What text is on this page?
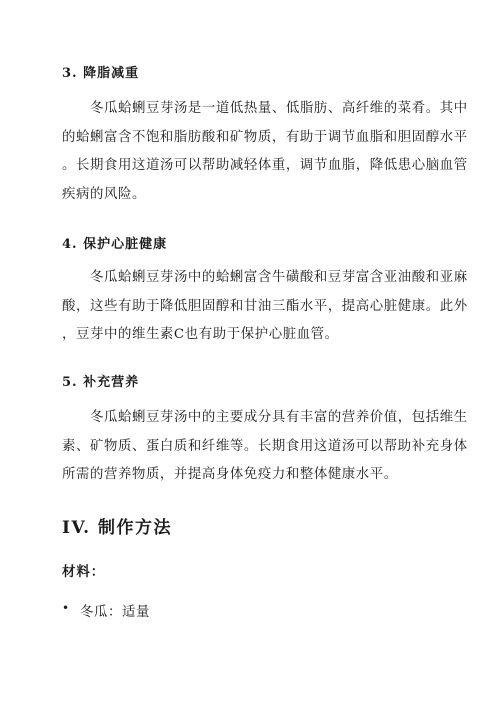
3. 降脂减重
冬瓜蛤蜊豆芽汤是一道低热量、低脂肪、高纤维的菜肴。其中
的蛤蜊富含不饱和脂肪酸和矿物质，有助于调节血脂和胆固醇水平
。长期食用这道汤可以帮助减轻体重，调节血脂，降低患心脑血管
疾病的风险。
4. 保护心脏健康
冬瓜蛤蜊豆芽汤中的蛤蜊富含牛磺酸和豆芽富含亚油酸和亚麻
酸，这些有助于降低胆固醇和甘油三酯水平，提高心脏健康。此外
，豆芽中的维生素C也有助于保护心脏血管。
5. 补充营养
冬瓜蛤蜊豆芽汤中的主要成分具有丰富的营养价值，包括维生
素、矿物质、蛋白质和纤维等。长期食用这道汤可以帮助补充身体
所需的营养物质，并提高身体免疫力和整体健康水平。
IV. 制作方法
材料：
• 冬瓜：适量
